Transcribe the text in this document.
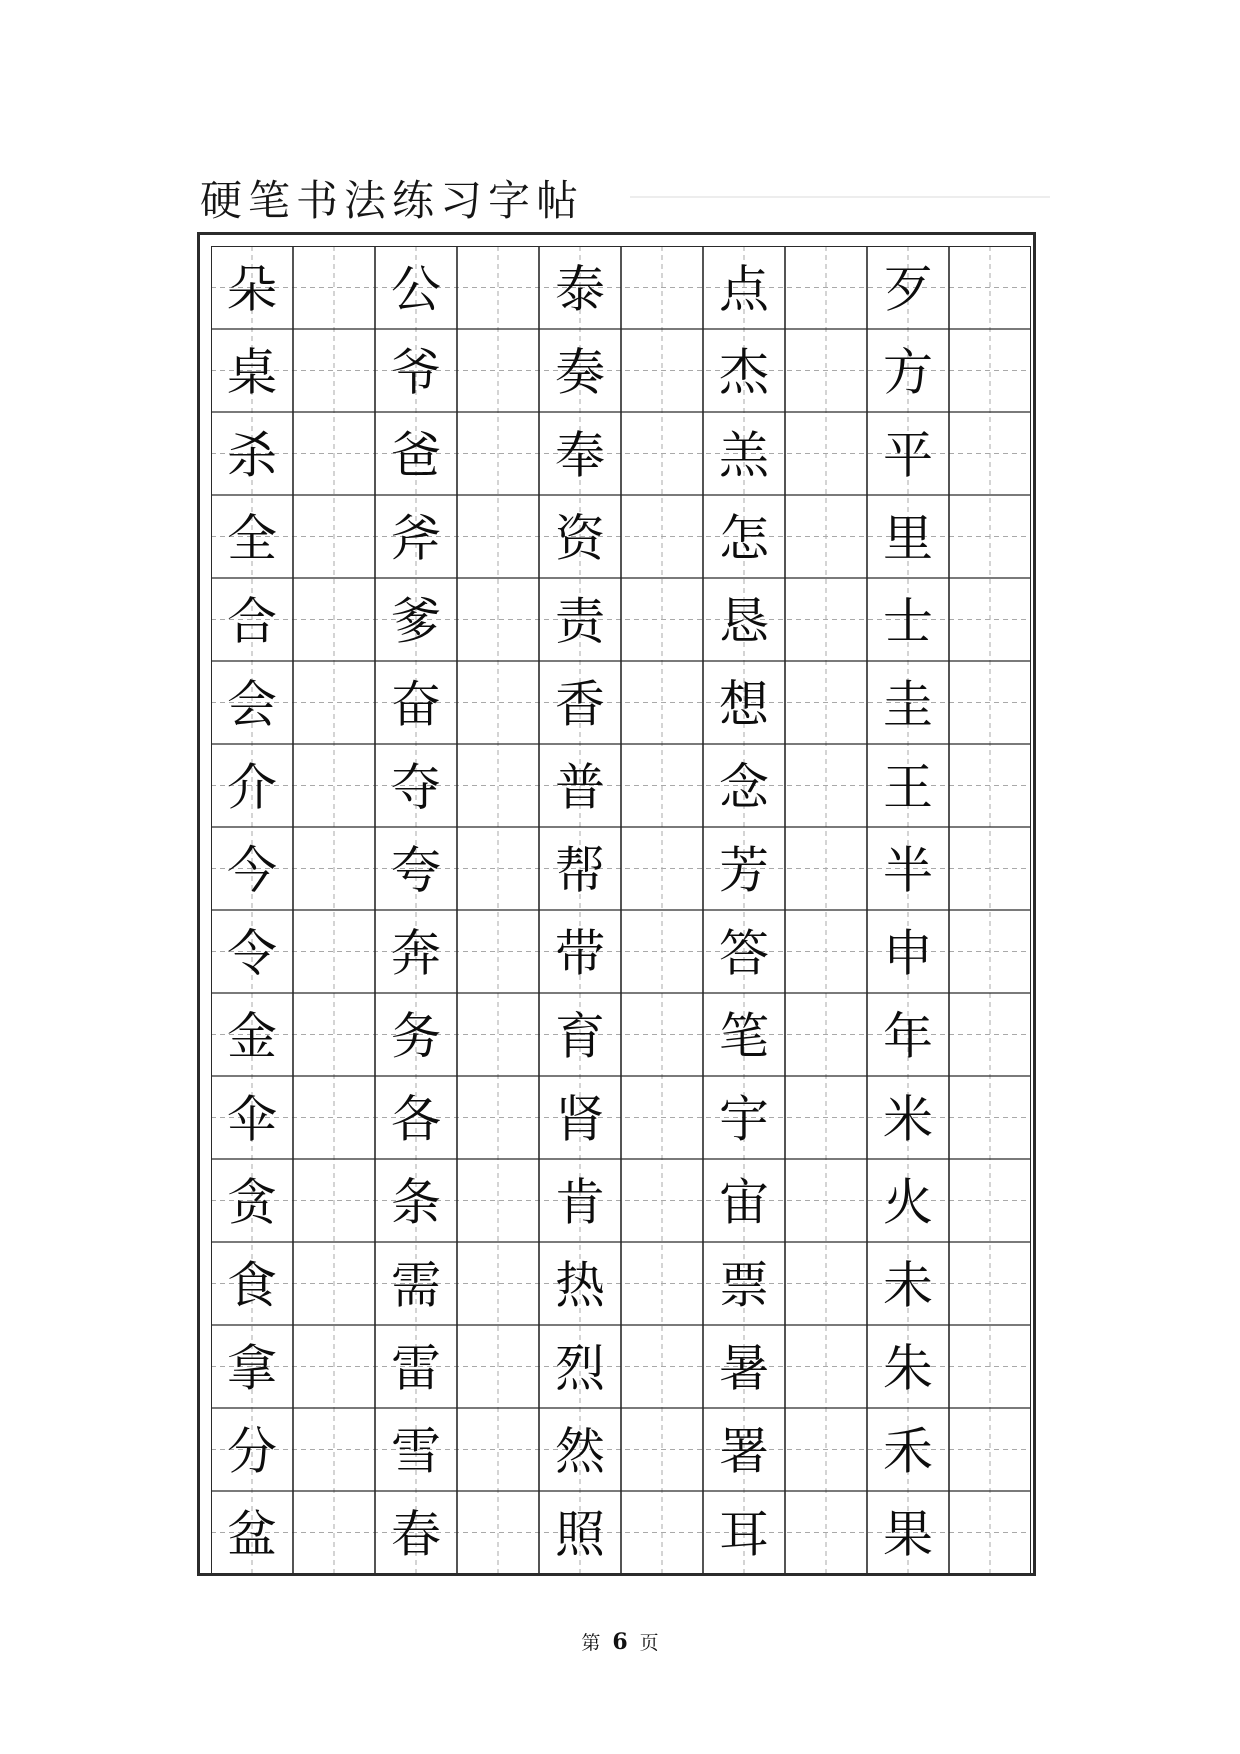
硬笔书法练习字帖
歹
方
平
里
士
圭
王
半
申
年
米
火
未
朱
禾
果
点
杰
羔
怎
恳
想
念
芳
答
笔
宇
宙
票
暑
署
耳
泰
奏
奉
资
责
香
普
帮
带
育
肾
肯
热
烈
然
照
公
爷
爸
斧
爹
奋
夺
夸
奔
务
各
条
需
雷
雪
春
朵
桌
杀
全
合
会
介
今
令
金
伞
贪
食
拿
分
盆
第 6 页
